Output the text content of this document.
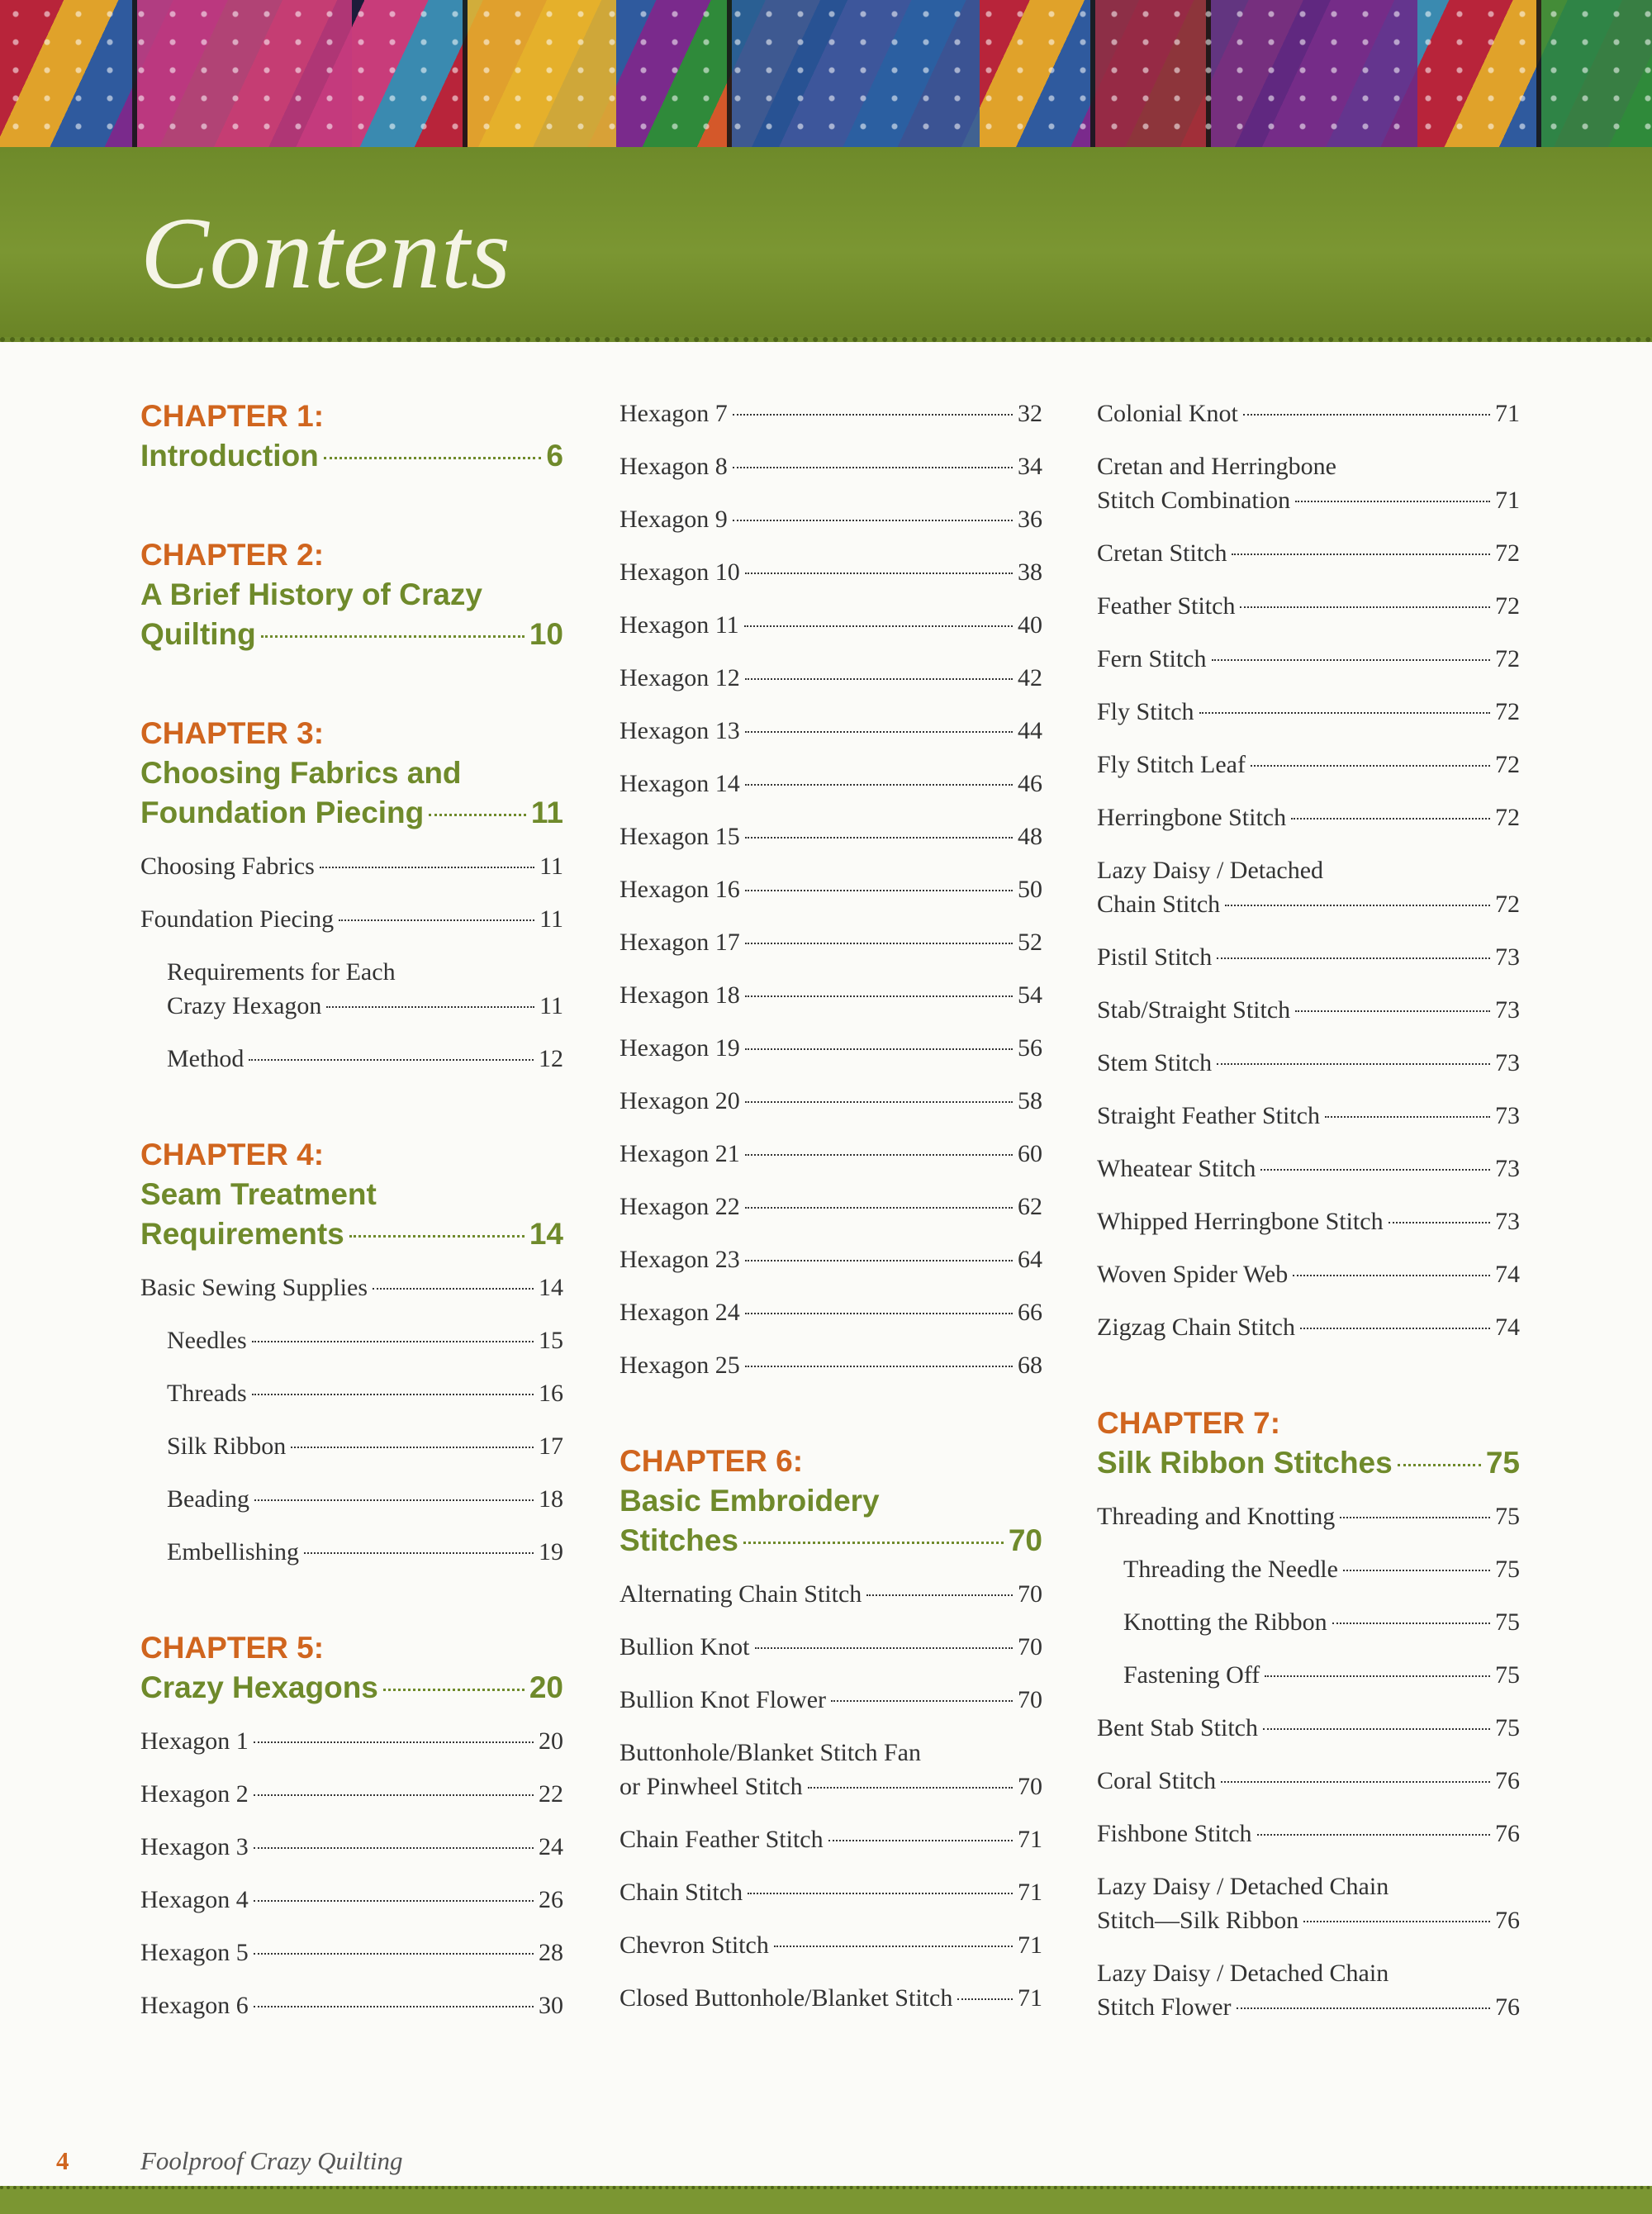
Contents
CHAPTER 1:
Introduction	6
CHAPTER 2:
A Brief History of Crazy
Quilting	10
CHAPTER 3:
Choosing Fabrics and
Foundation Piecing	11
Choosing Fabrics	11
Foundation Piecing	11
Requirements for Each
Crazy Hexagon	11
Method	12
CHAPTER 4:
Seam Treatment
Requirements	14
Basic Sewing Supplies	14
Needles	15
Threads	16
Silk Ribbon	17
Beading	18
Embellishing	19
CHAPTER 5:
Crazy Hexagons	20
Hexagon 1	20
Hexagon 2	22
Hexagon 3	24
Hexagon 4	26
Hexagon 5	28
Hexagon 6	30
Hexagon 7	32
Hexagon 8	34
Hexagon 9	36
Hexagon 10	38
Hexagon 11	40
Hexagon 12	42
Hexagon 13	44
Hexagon 14	46
Hexagon 15	48
Hexagon 16	50
Hexagon 17	52
Hexagon 18	54
Hexagon 19	56
Hexagon 20	58
Hexagon 21	60
Hexagon 22	62
Hexagon 23	64
Hexagon 24	66
Hexagon 25	68
CHAPTER 6:
Basic Embroidery
Stitches	70
Alternating Chain Stitch	70
Bullion Knot	70
Bullion Knot Flower	70
Buttonhole/Blanket Stitch Fan
or Pinwheel Stitch	70
Chain Feather Stitch	71
Chain Stitch	71
Chevron Stitch	71
Closed Buttonhole/Blanket Stitch	71
Colonial Knot	71
Cretan and Herringbone
Stitch Combination	71
Cretan Stitch	72
Feather Stitch	72
Fern Stitch	72
Fly Stitch	72
Fly Stitch Leaf	72
Herringbone Stitch	72
Lazy Daisy / Detached
Chain Stitch	72
Pistil Stitch	73
Stab/Straight Stitch	73
Stem Stitch	73
Straight Feather Stitch	73
Wheatear Stitch	73
Whipped Herringbone Stitch	73
Woven Spider Web	74
Zigzag Chain Stitch	74
CHAPTER 7:
Silk Ribbon Stitches	75
Threading and Knotting	75
Threading the Needle	75
Knotting the Ribbon	75
Fastening Off	75
Bent Stab Stitch	75
Coral Stitch	76
Fishbone Stitch	76
Lazy Daisy / Detached Chain
Stitch—Silk Ribbon	76
Lazy Daisy / Detached Chain
Stitch Flower	76
4	Foolproof Crazy Quilting
